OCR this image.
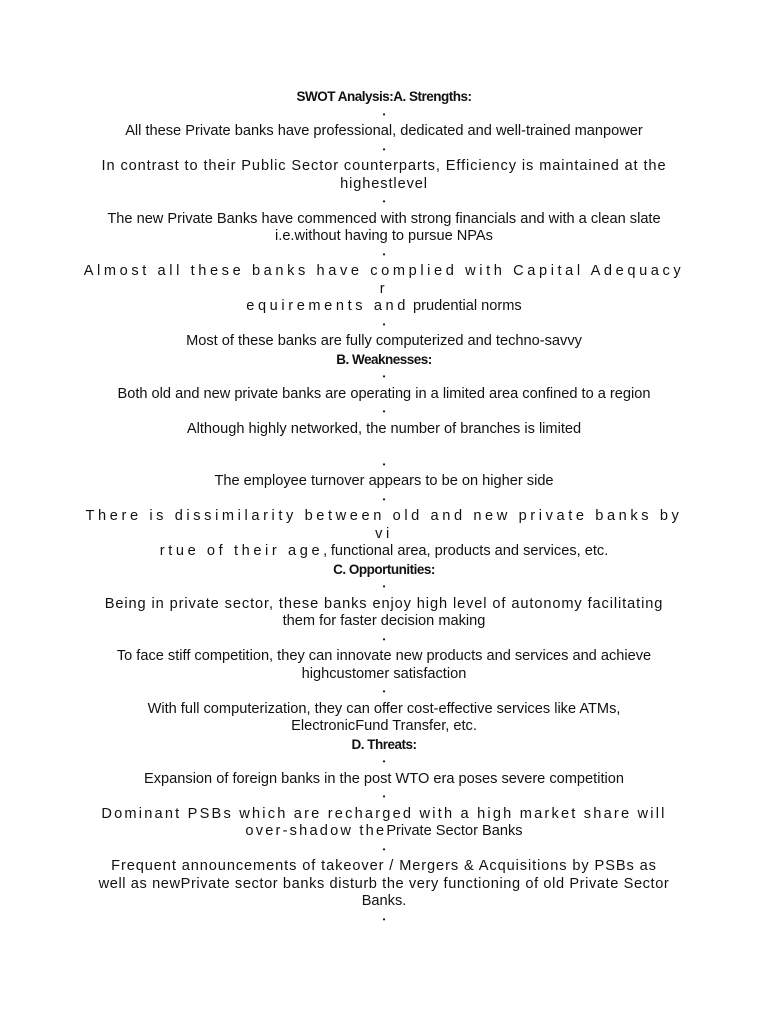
SWOT Analysis:A. Strengths:
•
All these Private banks have professional, dedicated and well-trained manpower
•
In contrast to their Public Sector counterparts, Efficiency is maintained at the
highestlevel
•
The new Private Banks have commenced with strong financials and with a clean slate
i.e.without having to pursue NPAs
•
Almost all these banks have complied with Capital Adequacy r
equirements and prudential norms
•
Most of these banks are fully computerized and techno-savvy
B. Weaknesses:
•
Both old and new private banks are operating in a limited area confined to a region
•
Although highly networked, the number of branches is limited
•
The employee turnover appears to be on higher side
•
There is dissimilarity between old and new private banks by vi
rtue of their age,functional area, products and services, etc.
C. Opportunities:
•
Being in private sector, these banks enjoy high level of autonomy facilitating
them for faster decision making
•
To face stiff competition, they can innovate new products and services and achieve
highcustomer satisfaction
•
With full computerization, they can offer cost-effective services like ATMs,
ElectronicFund Transfer, etc.
D. Threats:
•
Expansion of foreign banks in the post WTO era poses severe competition
•
Dominant PSBs which are recharged with a high market share will
over-shadow thePrivate Sector Banks
•
Frequent announcements of takeover / Mergers & Acquisitions by PSBs as
well as newPrivate sector banks disturb the very functioning of old Private Sector
Banks.
•
